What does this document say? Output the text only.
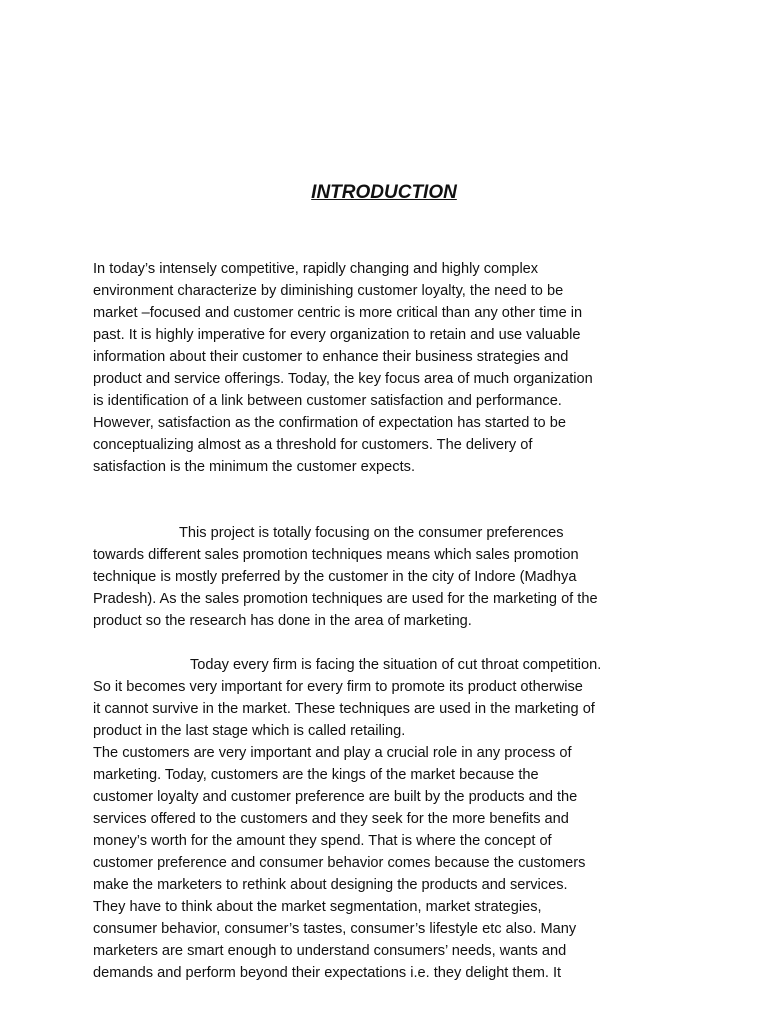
INTRODUCTION
In today’s intensely competitive, rapidly changing and highly complex
environment characterize by diminishing customer loyalty, the need to be
market –focused and customer centric is more critical than any other time in
past. It is highly imperative for every organization to retain and use valuable
information about their customer to enhance their business strategies and
product and service offerings. Today, the key focus area of much organization
is identification of a link between customer satisfaction and performance.
However, satisfaction as the confirmation of expectation has started to be
conceptualizing almost as a threshold for customers. The delivery of
satisfaction is the minimum the customer expects.
This project is totally focusing on the consumer preferences
towards different sales promotion techniques means which sales promotion
technique is mostly preferred by the customer in the city of Indore (Madhya
Pradesh). As the sales promotion techniques are used for the marketing of the
product so the research has done in the area of marketing.
Today every firm is facing the situation of cut throat competition.
So it becomes very important for every firm to promote its product otherwise
it cannot survive in the market. These techniques are used in the marketing of
product in the last stage which is called retailing.
The customers are very important and play a crucial role in any process of
marketing. Today, customers are the kings of the market because the
customer loyalty and customer preference are built by the products and the
services offered to the customers and they seek for the more benefits and
money’s worth for the amount they spend. That is where the concept of
customer preference and consumer behavior comes because the customers
make the marketers to rethink about designing the products and services.
They have to think about the market segmentation, market strategies,
consumer behavior, consumer’s tastes, consumer’s lifestyle etc also. Many
marketers are smart enough to understand consumers’ needs, wants and
demands and perform beyond their expectations i.e. they delight them. It
